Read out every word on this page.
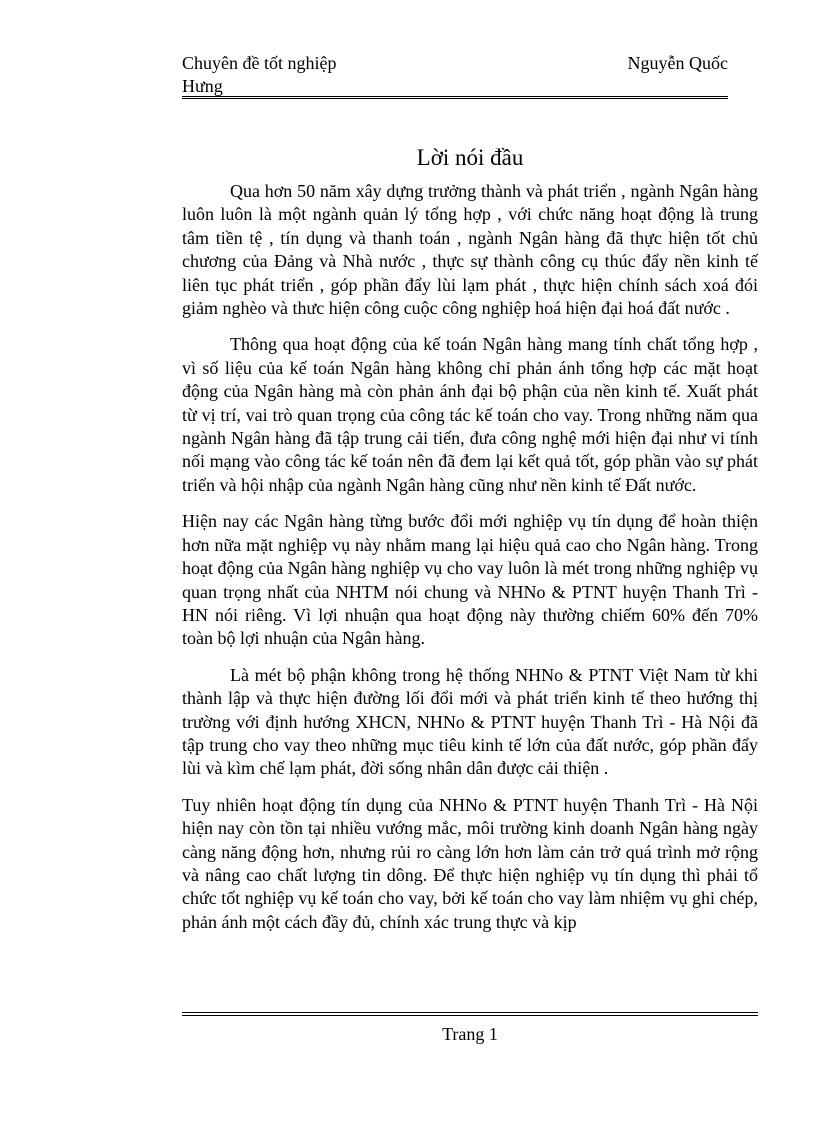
Chuyên đề tốt nghiệp	Nguyễn Quốc
Hưng
Lời nói đầu

Qua hơn 50 năm xây dựng trưởng thành và phát triển , ngành Ngân hàng luôn luôn là một ngành quản lý tổng hợp , với chức năng hoạt động là trung tâm tiền tệ , tín dụng và thanh toán , ngành Ngân hàng đã thực hiện tốt chủ chương của Đảng và Nhà nước , thực sự thành công cụ thúc đẩy nền kinh tế liên tục phát triển , góp phần đẩy lùi lạm phát , thực hiện chính sách xoá đói giảm nghèo và thưc hiện công cuộc công nghiệp hoá hiện đại hoá đất nước .

Thông qua hoạt động của kế toán Ngân hàng mang tính chất tổng hợp , vì số liệu của kế toán Ngân hàng không chỉ phản ánh tổng hợp các mặt hoạt động của Ngân hàng mà còn phản ánh đại bộ phận của nền kinh tế. Xuất phát từ vị trí, vai trò quan trọng của công tác kế toán cho vay. Trong những năm qua ngành Ngân hàng đã tập trung cải tiến, đưa công nghệ mới hiện đại như vi tính nối mạng vào công tác kế toán nên đã đem lại kết quả tốt, góp phần vào sự phát triển và hội nhập của ngành Ngân hàng cũng như nền kinh tế Đất nước.

Hiện nay các Ngân hàng từng bước đổi mới nghiệp vụ tín dụng để hoàn thiện hơn nữa mặt nghiệp vụ này nhằm mang lại hiệu quả cao cho Ngân hàng. Trong hoạt động của Ngân hàng nghiệp vụ cho vay luôn là mét trong những nghiệp vụ quan trọng nhất của NHTM nói chung và NHNo & PTNT huyện Thanh Trì - HN nói riêng. Vì lợi nhuận qua hoạt động này thường chiếm 60% đến 70% toàn bộ lợi nhuận của Ngân hàng.

Là mét bộ phận không trong hệ thống NHNo & PTNT Việt Nam từ khi thành lập và thực hiện đường lối đổi mới và phát triển kinh tế theo hướng thị trường với định hướng XHCN, NHNo & PTNT huyện Thanh Trì - Hà Nội đã tập trung cho vay theo những mục tiêu kinh tế lớn của đất nước, góp phần đẩy lùi và kìm chế lạm phát, đời sống nhân dân được cải thiện .

Tuy nhiên hoạt động tín dụng của NHNo & PTNT huyện Thanh Trì - Hà Nội hiện nay còn tồn tại nhiều vướng mắc, môi trường kinh doanh Ngân hàng ngày càng năng động hơn, nhưng rủi ro càng lớn hơn làm cản trở quá trình mở rộng và nâng cao chất lượng tin dông. Để thực hiện nghiệp vụ tín dụng thì phải tổ chức tốt nghiệp vụ kế toán cho vay, bởi kế toán cho vay làm nhiệm vụ ghi chép, phản ánh một cách đầy đủ, chính xác trung thực và kịp

Trang 1
